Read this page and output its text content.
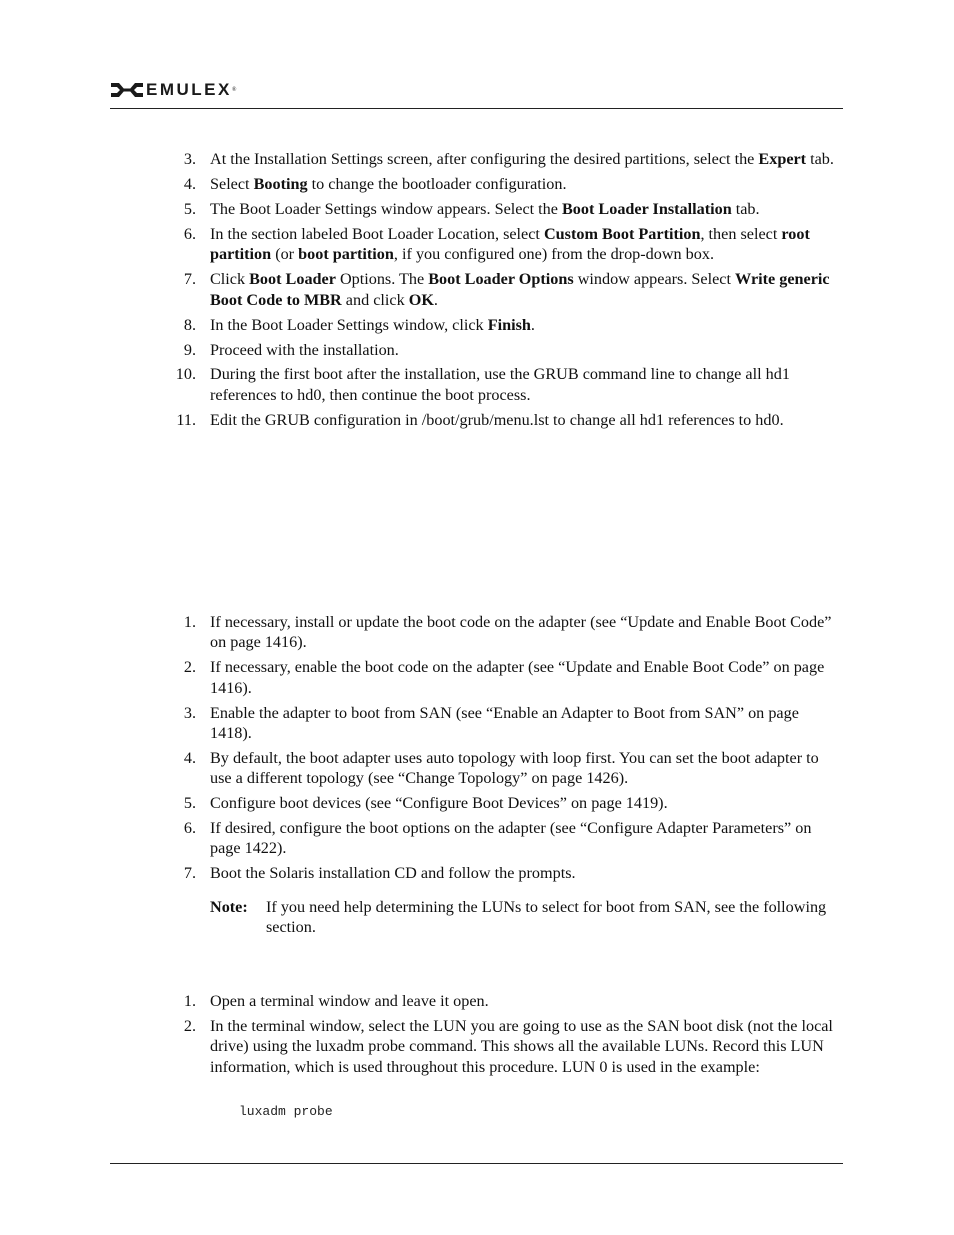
EMULEX ®
3. At the Installation Settings screen, after configuring the desired partitions, select the Expert tab.
4. Select Booting to change the bootloader configuration.
5. The Boot Loader Settings window appears. Select the Boot Loader Installation tab.
6. In the section labeled Boot Loader Location, select Custom Boot Partition, then select root partition (or boot partition, if you configured one) from the drop-down box.
7. Click Boot Loader Options. The Boot Loader Options window appears. Select Write generic Boot Code to MBR and click OK.
8. In the Boot Loader Settings window, click Finish.
9. Proceed with the installation.
10. During the first boot after the installation, use the GRUB command line to change all hd1 references to hd0, then continue the boot process.
11. Edit the GRUB configuration in /boot/grub/menu.lst to change all hd1 references to hd0.
1. If necessary, install or update the boot code on the adapter (see “Update and Enable Boot Code” on page 1416).
2. If necessary, enable the boot code on the adapter (see “Update and Enable Boot Code” on page 1416).
3. Enable the adapter to boot from SAN (see “Enable an Adapter to Boot from SAN” on page 1418).
4. By default, the boot adapter uses auto topology with loop first. You can set the boot adapter to use a different topology (see “Change Topology” on page 1426).
5. Configure boot devices (see “Configure Boot Devices” on page 1419).
6. If desired, configure the boot options on the adapter (see “Configure Adapter Parameters” on page 1422).
7. Boot the Solaris installation CD and follow the prompts.
Note: If you need help determining the LUNs to select for boot from SAN, see the following section.
1. Open a terminal window and leave it open.
2. In the terminal window, select the LUN you are going to use as the SAN boot disk (not the local drive) using the luxadm probe command. This shows all the available LUNs. Record this LUN information, which is used throughout this procedure. LUN 0 is used in the example:
luxadm probe
